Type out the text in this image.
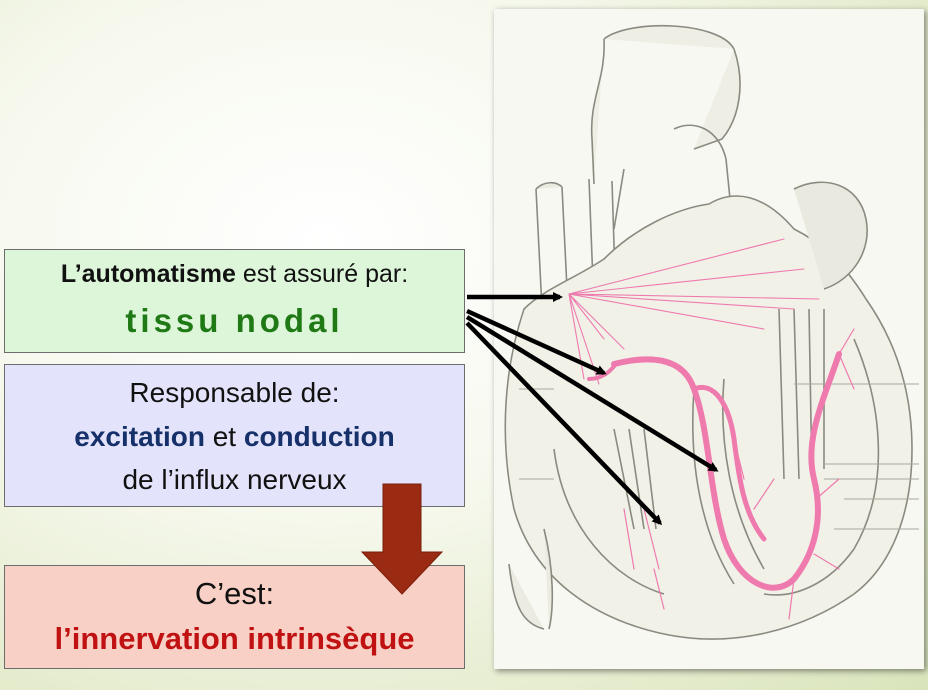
L’automatisme est assuré par:
tissu nodal
Responsable de:
excitation et conduction
de l’influx nerveux
C’est:
l’innervation intrinsèque
